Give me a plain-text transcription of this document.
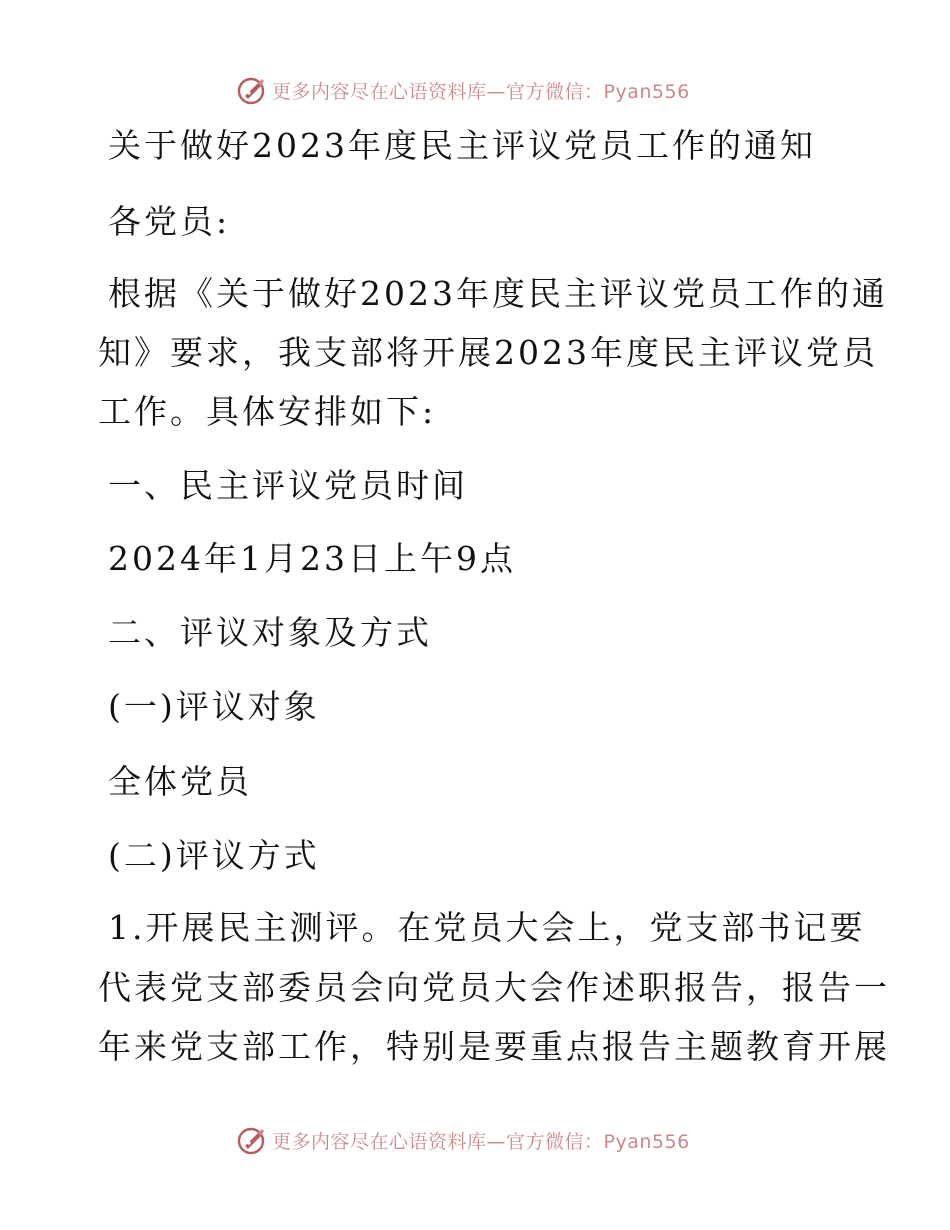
更多内容尽在心语资料库—官方微信：Pyan556
关于做好2023年度民主评议党员工作的通知
各党员:
根据《关于做好2023年度民主评议党员工作的通
知》要求，我支部将开展2023年度民主评议党员
工作。具体安排如下:
一、民主评议党员时间
2024年1月23日上午9点
二、评议对象及方式
(一)评议对象
全体党员
(二)评议方式
1.开展民主测评。在党员大会上，党支部书记要
代表党支部委员会向党员大会作述职报告，报告一
年来党支部工作，特别是要重点报告主题教育开展
更多内容尽在心语资料库—官方微信：Pyan556
